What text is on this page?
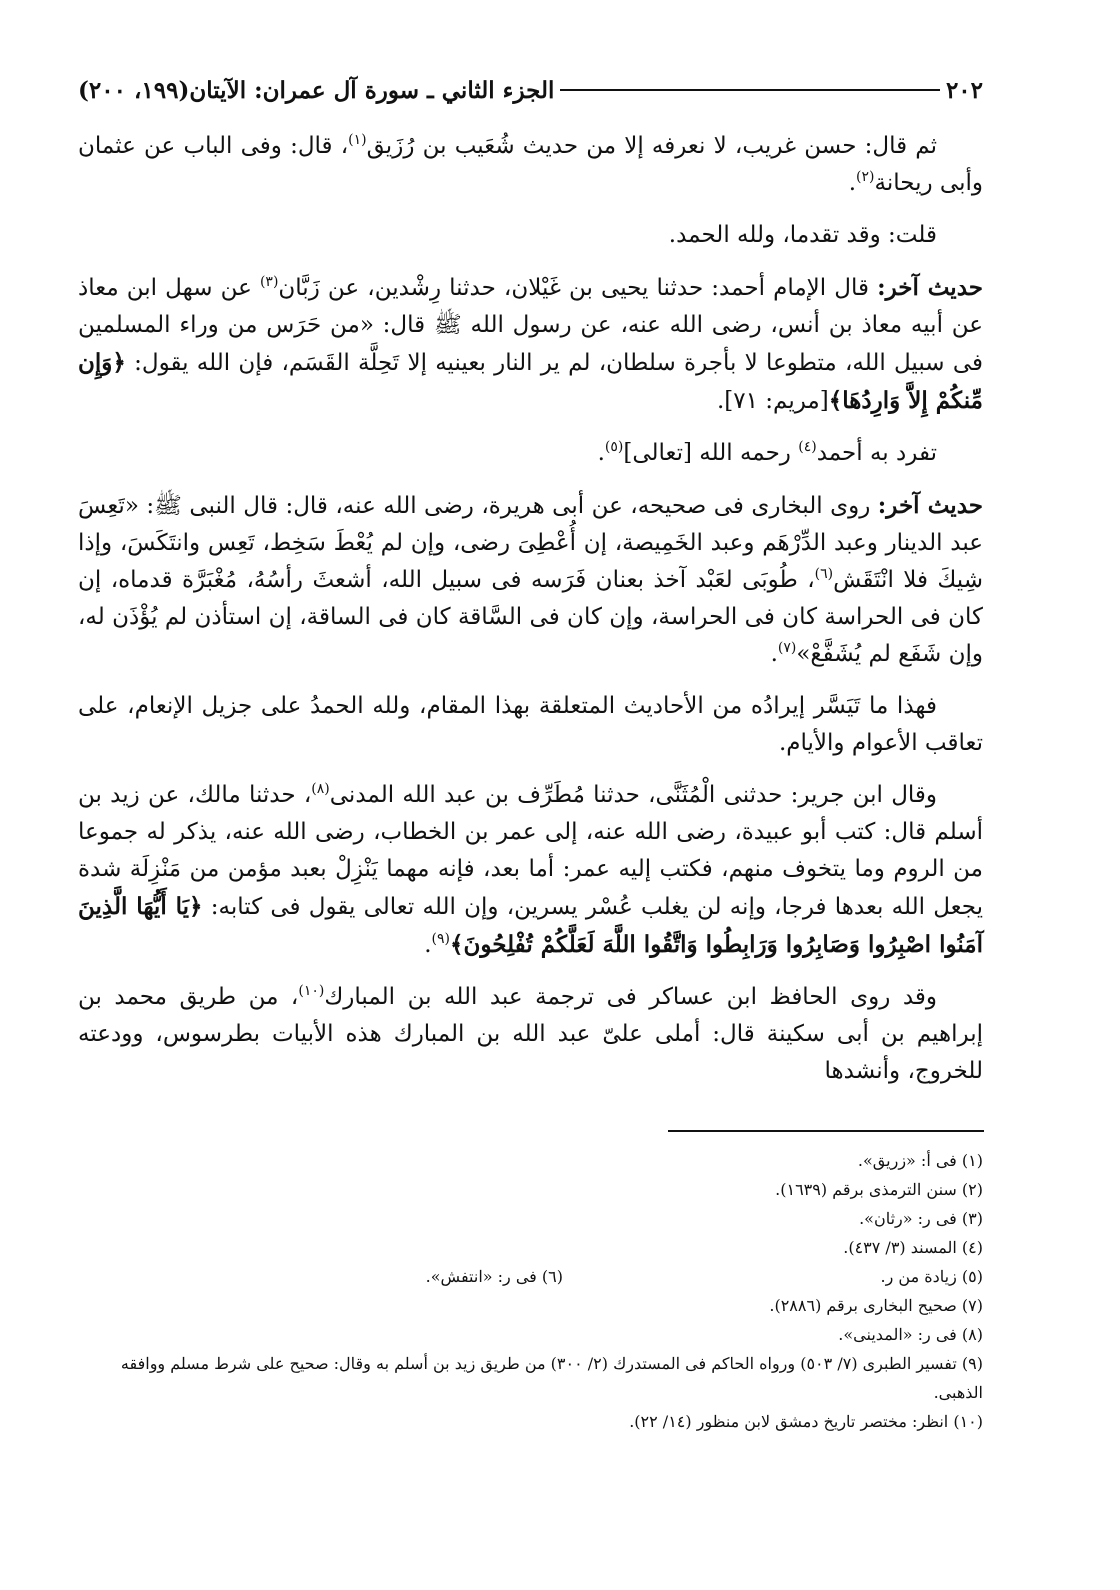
٢٠٢
الجزء الثاني ـ سورة آل عمران: الآيتان(١٩٩، ٢٠٠)

ثم قال: حسن غريب، لا نعرفه إلا من حديث شُعَيب بن رُزَيق$^{(١)}$، قال: وفى الباب عن عثمان وأبى ريحانة$^{(٢)}$.

قلت: وقد تقدما، ولله الحمد.

حديث آخر: قال الإمام أحمد: حدثنا يحيى بن غَيْلان، حدثنا رِشْدين، عن زَبَّان$^{(٣)}$ عن سهل ابن معاذ عن أبيه معاذ بن أنس، رضى الله عنه، عن رسول الله ﷺ قال: «من حَرَس من وراء المسلمين فى سبيل الله، متطوعا لا بأجرة سلطان، لم ير النار بعينيه إلا تَحِلَّة القَسَم، فإن الله يقول: ﴿وَإِن مِّنكُمْ إِلاَّ وَارِدُهَا﴾[مريم: ٧١].

تفرد به أحمد$^{(٤)}$ رحمه الله [تعالى]$^{(٥)}$.

حديث آخر: روى البخارى فى صحيحه، عن أبى هريرة، رضى الله عنه، قال: قال النبى ﷺ: «تَعِسَ عبد الدينار وعبد الدِّرْهَم وعبد الخَمِيصة، إن أُعْطِىَ رضى، وإن لم يُعْطَ سَخِط، تَعِس وانتَكَسَ، وإذا شِيكَ فلا انْتَقَش$^{(٦)}$، طُوبَى لعَبْد آخذ بعنان فَرَسه فى سبيل الله، أشعثَ رأسُهُ، مُغْبَرَّة قدماه، إن كان فى الحراسة كان فى الحراسة، وإن كان فى السَّاقة كان فى الساقة، إن استأذن لم يُؤْذَن له، وإن شَفَع لم يُشَفَّعْ»$^{(٧)}$.

فهذا ما تَيَسَّر إيرادُه من الأحاديث المتعلقة بهذا المقام، ولله الحمدُ على جزيل الإنعام، على تعاقب الأعوام والأيام.

وقال ابن جرير: حدثنى الْمُثَنَّى، حدثنا مُطَرِّف بن عبد الله المدنى$^{(٨)}$، حدثنا مالك، عن زيد بن أسلم قال: كتب أبو عبيدة، رضى الله عنه، إلى عمر بن الخطاب، رضى الله عنه، يذكر له جموعا من الروم وما يتخوف منهم، فكتب إليه عمر: أما بعد، فإنه مهما يَنْزِلْ بعبد مؤمن من مَنْزِلَة شدة يجعل الله بعدها فرجا، وإنه لن يغلب عُسْر يسرين، وإن الله تعالى يقول فى كتابه: ﴿يَا أَيُّهَا الَّذِينَ آمَنُوا اصْبِرُوا وَصَابِرُوا وَرَابِطُوا وَاتَّقُوا اللَّهَ لَعَلَّكُمْ تُفْلِحُونَ﴾$^{(٩)}$.

وقد روى الحافظ ابن عساكر فى ترجمة عبد الله بن المبارك$^{(١٠)}$، من طريق محمد بن إبراهيم بن أبى سكينة قال: أملى علىّ عبد الله بن المبارك هذه الأبيات بطرسوس، وودعته للخروج، وأنشدها

(١) فى أ: «زريق».

(٢) سنن الترمذى برقم (١٦٣٩).

(٣) فى ر: «رثان».

(٤) المسند (٣/ ٤٣٧).

(٥) زيادة من ر.
(٦) فى ر: «انتفش».

(٧) صحيح البخارى برقم (٢٨٨٦).

(٨) فى ر: «المدينى».

(٩) تفسير الطبرى (٧/ ٥٠٣) ورواه الحاكم فى المستدرك (٢/ ٣٠٠) من طريق زيد بن أسلم به وقال: صحيح على شرط مسلم ووافقه الذهبى.

(١٠) انظر: مختصر تاريخ دمشق لابن منظور (١٤/ ٢٢).
